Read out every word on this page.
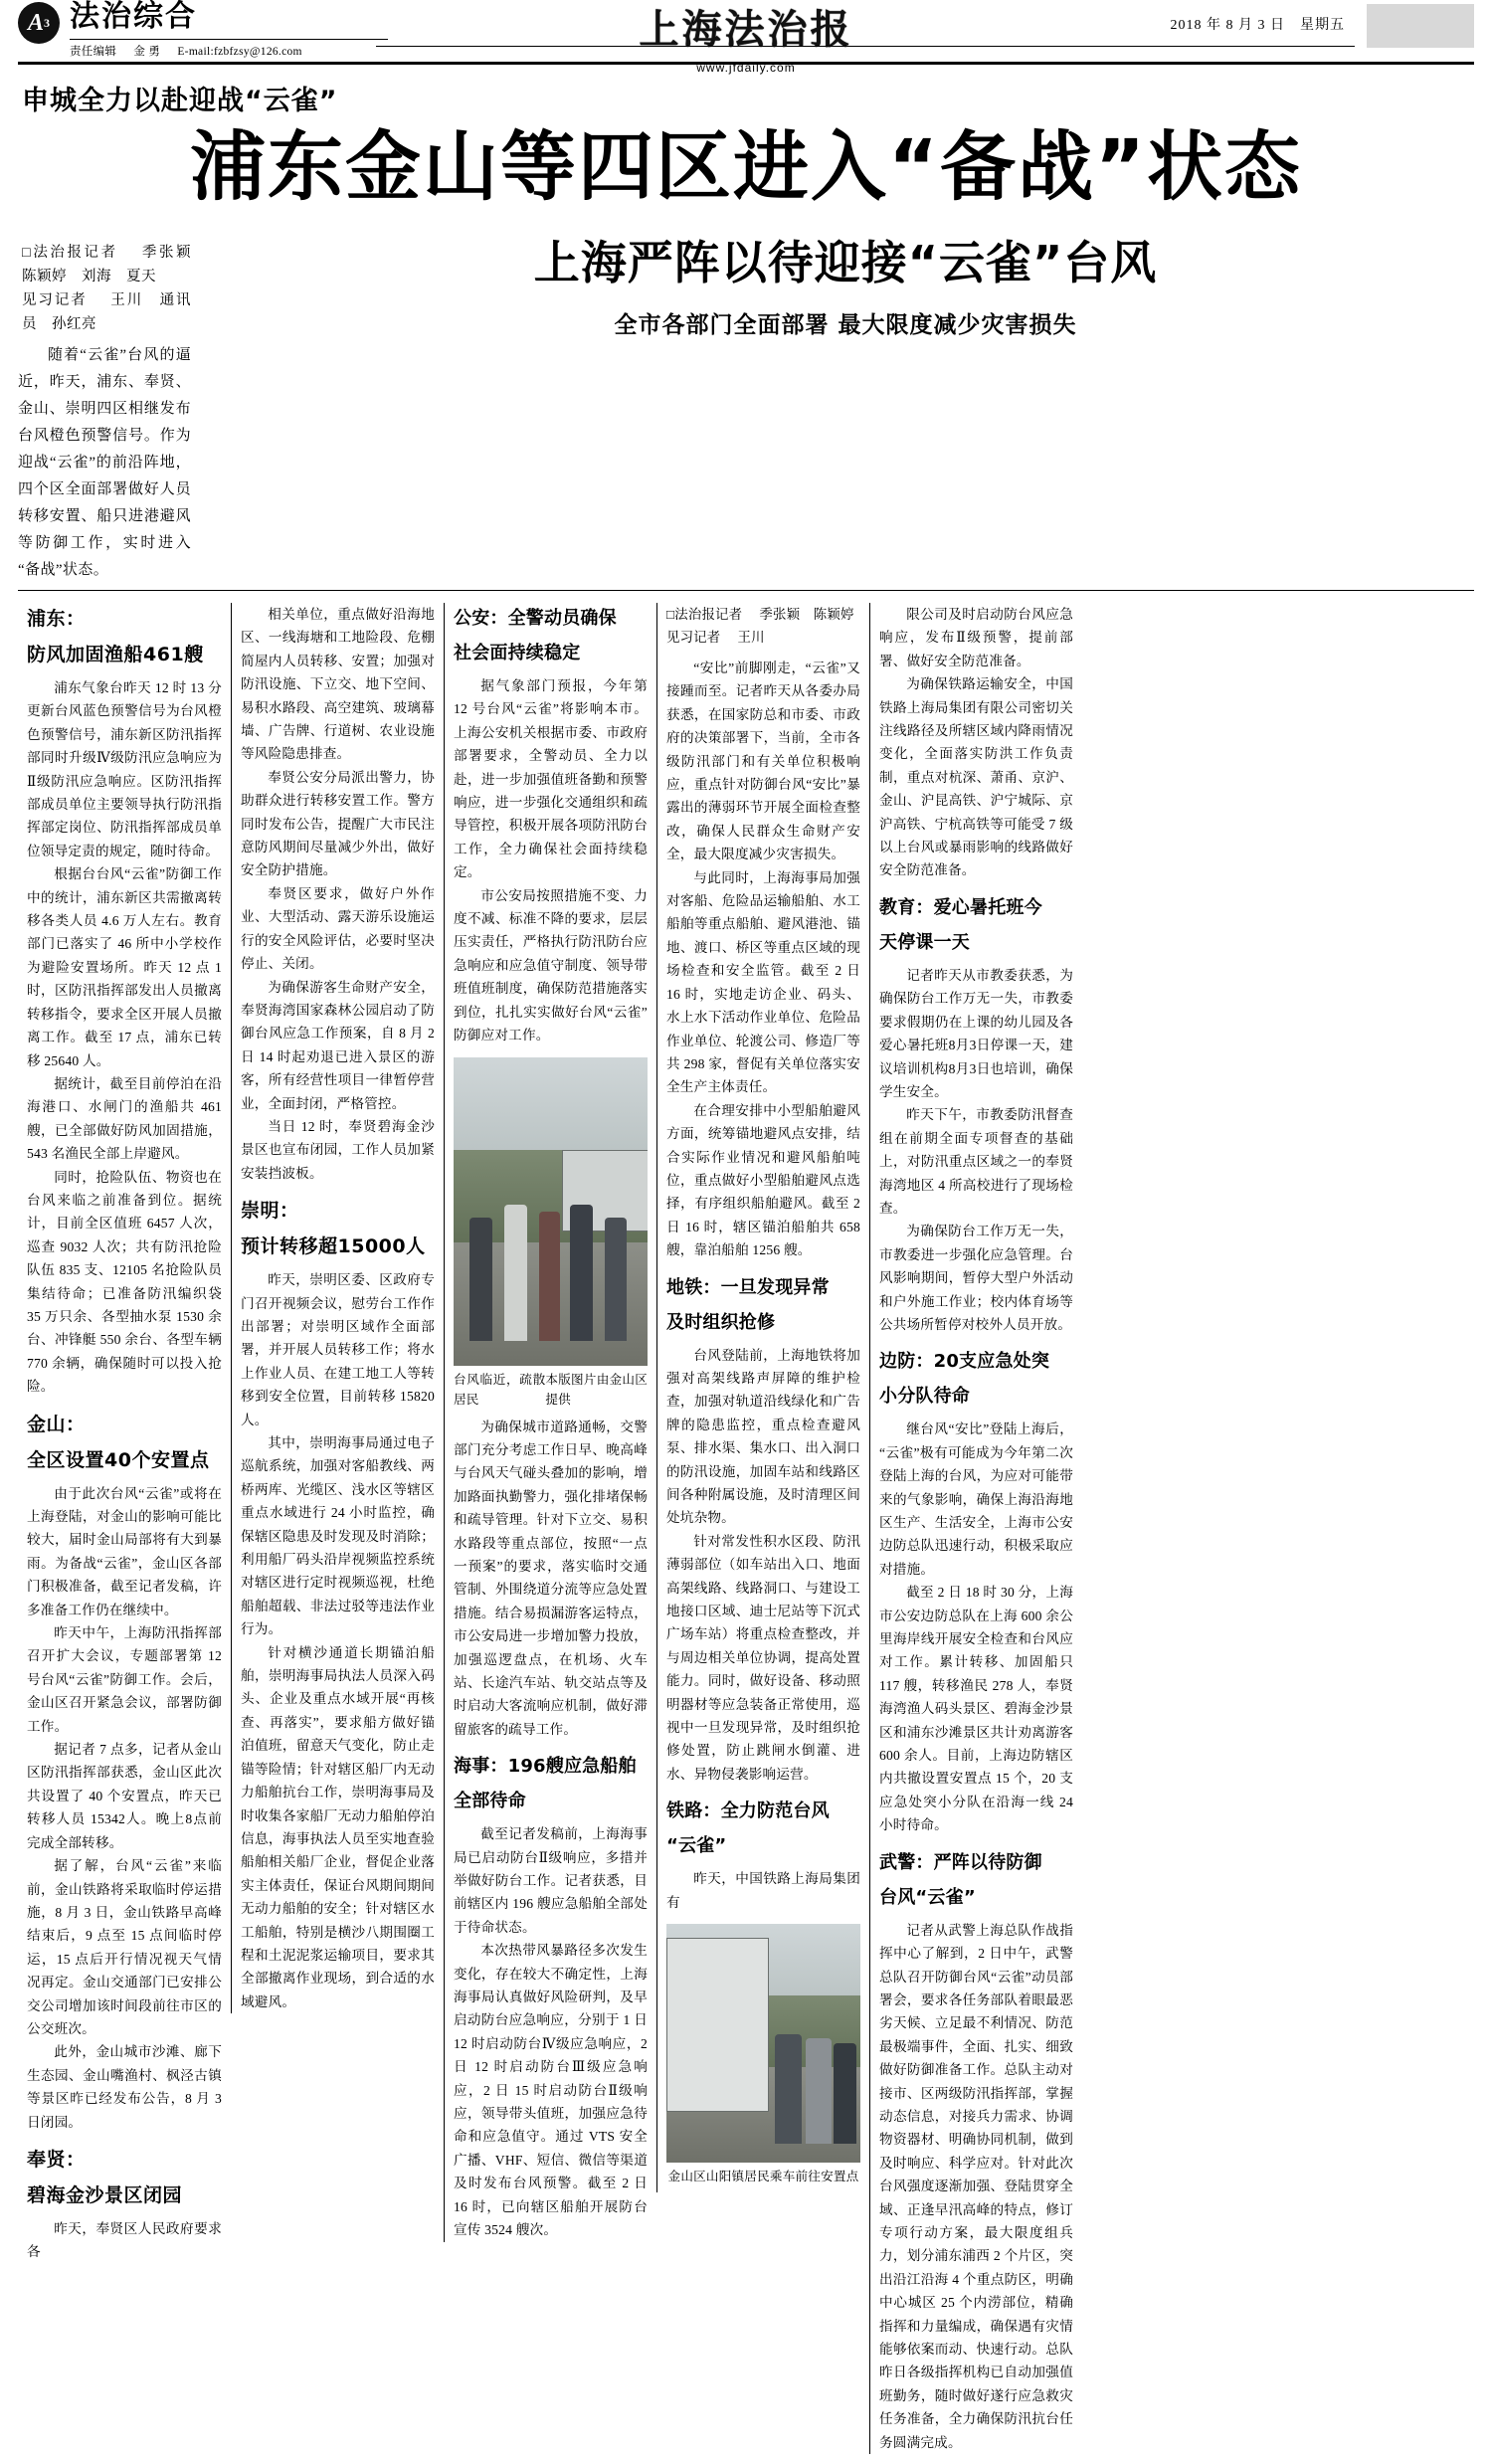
A 3 法治综合
责任编辑 金 勇 E-mail:fzbfzsy@126.com	上海法治报
www.jfdaily.com
2018 年 8 月 3 日　星期五
申城全力以赴迎战“云雀”
浦东金山等四区进入“备战”状态
□法治报记者 季张颖　陈颖婷　刘海　夏天
见习记者 王川　通讯员　孙红亮

随着“云雀”台风的逼近，昨天，浦东、奉贤、金山、崇明四区相继发布台风橙色预警信号。作为迎战“云雀”的前沿阵地，四个区全面部署做好人员转移安置、船只进港避风等防御工作，实时进入“备战”状态。

上海严阵以待迎接“云雀”台风
全市各部门全面部署 最大限度减少灾害损失
浦东：
防风加固渔船461艘

浦东气象台昨天 12 时 13 分更新台风蓝色预警信号为台风橙色预警信号，浦东新区防汛指挥部同时升级Ⅳ级防汛应急响应为Ⅱ级防汛应急响应。区防汛指挥部成员单位主要领导执行防汛指挥部定岗位、防汛指挥部成员单位领导定责的规定，随时待命。

根据台台风“云雀”防御工作中的统计，浦东新区共需撤离转移各类人员 4.6 万人左右。教育部门已落实了 46 所中小学校作为避险安置场所。昨天 12 点 1 时，区防汛指挥部发出人员撤离转移指令，要求全区开展人员撤离工作。截至 17 点，浦东已转移 25640 人。

据统计，截至目前停泊在沿海港口、水闸门的渔船共 461 艘，已全部做好防风加固措施，543 名渔民全部上岸避风。

同时，抢险队伍、物资也在台风来临之前准备到位。据统计，目前全区值班 6457 人次，巡查 9032 人次；共有防汛抢险队伍 835 支、12105 名抢险队员集结待命；已准备防汛编织袋 35 万只余、各型抽水泵 1530 余台、冲锋艇 550 余台、各型车辆 770 余辆，确保随时可以投入抢险。

金山：
全区设置40个安置点

由于此次台风“云雀”或将在上海登陆，对金山的影响可能比较大，届时金山局部将有大到暴雨。为备战“云雀”，金山区各部门积极准备，截至记者发稿，许多准备工作仍在继续中。

昨天中午，上海防汛指挥部召开扩大会议，专题部署第 12 号台风“云雀”防御工作。会后，金山区召开紧急会议，部署防御工作。

据记者 7 点多，记者从金山区防汛指挥部获悉，金山区此次共设置了 40 个安置点，昨天已转移人员 15342人。晚上8点前完成全部转移。

据了解，台风“云雀”来临前，金山铁路将采取临时停运措施，8 月 3 日，金山铁路早高峰结束后，9 点至 15 点间临时停运，15 点后开行情况视天气情况再定。金山交通部门已安排公交公司增加该时间段前往市区的公交班次。

此外，金山城市沙滩、廊下生态园、金山嘴渔村、枫泾古镇等景区昨已经发布公告，8 月 3 日闭园。

奉贤：
碧海金沙景区闭园

昨天，奉贤区人民政府要求各

相关单位，重点做好沿海地区、一线海塘和工地险段、危棚简屋内人员转移、安置；加强对防汛设施、下立交、地下空间、易积水路段、高空建筑、玻璃幕墙、广告牌、行道树、农业设施等风险隐患排查。

奉贤公安分局派出警力，协助群众进行转移安置工作。警方同时发布公告，提醒广大市民注意防风期间尽量减少外出，做好安全防护措施。

奉贤区要求，做好户外作业、大型活动、露天游乐设施运行的安全风险评估，必要时坚决停止、关闭。

为确保游客生命财产安全，奉贤海湾国家森林公园启动了防御台风应急工作预案，自 8 月 2 日 14 时起劝退已进入景区的游客，所有经营性项目一律暂停营业，全面封闭，严格管控。

当日 12 时，奉贤碧海金沙景区也宣布闭园，工作人员加紧安装挡波板。

崇明：
预计转移超15000人

昨天，崇明区委、区政府专门召开视频会议，慰劳台工作作出部署；对崇明区域作全面部署，并开展人员转移工作；将水上作业人员、在建工地工人等转移到安全位置，目前转移 15820 人。

其中，崇明海事局通过电子巡航系统，加强对客船教线、两桥两库、光缆区、浅水区等辖区重点水域进行 24 小时监控，确保辖区隐患及时发现及时消除；利用船厂码头沿岸视频监控系统对辖区进行定时视频巡视，杜绝船舶超载、非法过驳等违法作业行为。

针对横沙通道长期锚泊船舶，崇明海事局执法人员深入码头、企业及重点水域开展“再核查、再落实”，要求船方做好锚泊值班，留意天气变化，防止走锚等险情；针对辖区船厂内无动力船舶抗台工作，崇明海事局及时收集各家船厂无动力船舶停泊信息，海事执法人员至实地查验船舶相关船厂企业，督促企业落实主体责任，保证台风期间期间无动力船舶的安全；针对辖区水工船舶，特别是横沙八期围圈工程和土泥泥浆运输项目，要求其全部撤离作业现场，到合适的水域避风。

公安：全警动员确保
社会面持续稳定

据气象部门预报，今年第 12 号台风“云雀”将影响本市。上海公安机关根据市委、市政府部署要求，全警动员、全力以赴，进一步加强值班备勤和预警响应，进一步强化交通组织和疏导管控，积极开展各项防汛防台工作，全力确保社会面持续稳定。

市公安局按照措施不变、力度不减、标准不降的要求，层层压实责任，严格执行防汛防台应急响应和应急值守制度、领导带班值班制度，确保防范措施落实到位，扎扎实实做好台风“云雀”防御应对工作。

台风临近，疏散居民
本版图片由金山区提供

为确保城市道路通畅，交警部门充分考虑工作日早、晚高峰与台风天气碰头叠加的影响，增加路面执勤警力，强化排堵保畅和疏导管理。针对下立交、易积水路段等重点部位，按照“一点一预案”的要求，落实临时交通管制、外围绕道分流等应急处置措施。结合易损漏游客运特点，市公安局进一步增加警力投放，加强巡逻盘点，在机场、火车站、长途汽车站、轨交站点等及时启动大客流响应机制，做好滞留旅客的疏导工作。

海事：196艘应急船舶
全部待命

截至记者发稿前，上海海事局已启动防台Ⅱ级响应，多措并举做好防台工作。记者获悉，目前辖区内 196 艘应急船舶全部处于待命状态。

本次热带风暴路径多次发生变化，存在较大不确定性，上海海事局认真做好风险研判，及早启动防台应急响应，分别于 1 日 12 时启动防台Ⅳ级应急响应，2 日 12 时启动防台Ⅲ级应急响应，2 日 15 时启动防台Ⅱ级响应，领导带头值班，加强应急待命和应急值守。通过 VTS 安全广播、VHF、短信、微信等渠道及时发布台风预警。截至 2 日 16 时，已向辖区船舶开展防台宣传 3524 艘次。

□法治报记者 　季张颖　陈颖婷
见习记者 　王川

“安比”前脚刚走，“云雀”又接踵而至。记者昨天从各委办局获悉，在国家防总和市委、市政府的决策部署下，当前，全市各级防汛部门和有关单位积极响应，重点针对防御台风“安比”暴露出的薄弱环节开展全面检查整改，确保人民群众生命财产安全，最大限度减少灾害损失。

与此同时，上海海事局加强对客船、危险品运输船舶、水工船舶等重点船舶、避风港池、锚地、渡口、桥区等重点区域的现场检查和安全监管。截至 2 日 16 时，实地走访企业、码头、水上水下活动作业单位、危险品作业单位、轮渡公司、修造厂等共 298 家，督促有关单位落实安全生产主体责任。

在合理安排中小型船舶避风方面，统筹锚地避风点安排，结合实际作业情况和避风船舶吨位，重点做好小型船舶避风点选择，有序组织船舶避风。截至 2 日 16 时，辖区锚泊船舶共 658 艘，靠泊船舶 1256 艘。

地铁：一旦发现异常
及时组织抢修

台风登陆前，上海地铁将加强对高架线路声屏障的维护检查，加强对轨道沿线绿化和广告牌的隐患监控，重点检查避风泵、排水渠、集水口、出入洞口的防汛设施，加固车站和线路区间各种附属设施，及时清理区间处坑杂物。

针对常发性积水区段、防汛薄弱部位（如车站出入口、地面高架线路、线路洞口、与建设工地接口区域、迪士尼站等下沉式广场车站）将重点检查整改，并与周边相关单位协调，提高处置能力。同时，做好设备、移动照明器材等应急装备正常使用，巡视中一旦发现异常，及时组织抢修处置，防止跳闸水倒灌、进水、异物侵袭影响运营。

铁路：全力防范台风
“云雀”

昨天，中国铁路上海局集团有

金山区山阳镇居民乘车前往安置点

限公司及时启动防台风应急响应，发布Ⅱ级预警，提前部署、做好安全防范准备。

为确保铁路运输安全，中国铁路上海局集团有限公司密切关注线路径及所辖区域内降雨情况变化，全面落实防洪工作负责制，重点对杭深、萧甬、京沪、金山、沪昆高铁、沪宁城际、京沪高铁、宁杭高铁等可能受 7 级以上台风或暴雨影响的线路做好安全防范准备。

教育：爱心暑托班今
天停课一天

记者昨天从市教委获悉，为确保防台工作万无一失，市教委要求假期仍在上课的幼儿园及各爱心暑托班8月3日停课一天，建议培训机构8月3日也培训，确保学生安全。

昨天下午，市教委防汛督查组在前期全面专项督查的基础上，对防汛重点区域之一的奉贤海湾地区 4 所高校进行了现场检查。

为确保防台工作万无一失，市教委进一步强化应急管理。台风影响期间，暂停大型户外活动和户外施工作业；校内体育场等公共场所暂停对校外人员开放。

边防：20支应急处突
小分队待命

继台风“安比”登陆上海后，“云雀”极有可能成为今年第二次登陆上海的台风，为应对可能带来的气象影响，确保上海沿海地区生产、生活安全，上海市公安边防总队迅速行动，积极采取应对措施。

截至 2 日 18 时 30 分，上海市公安边防总队在上海 600 余公里海岸线开展安全检查和台风应对工作。累计转移、加固船只 117 艘，转移渔民 278 人，奉贤海湾渔人码头景区、碧海金沙景区和浦东沙滩景区共计劝离游客 600 余人。目前，上海边防辖区内共撤设置安置点 15 个，20 支应急处突小分队在沿海一线 24 小时待命。

武警：严阵以待防御
台风“云雀”

记者从武警上海总队作战指挥中心了解到，2 日中午，武警总队召开防御台风“云雀”动员部署会，要求各任务部队着眼最恶劣天候、立足最不利情况、防范最极端事件，全面、扎实、细致做好防御准备工作。总队主动对接市、区两级防汛指挥部，掌握动态信息，对接兵力需求、协调物资器材、明确协同机制，做到及时响应、科学应对。针对此次台风强度逐渐加强、登陆贯穿全域、正逢早汛高峰的特点，修订专项行动方案，最大限度组兵力，划分浦东浦西 2 个片区，突出沿江沿海 4 个重点防区，明确中心城区 25 个内涝部位，精确指挥和力量编成，确保遇有灾情能够依案而动、快速行动。总队昨日各级指挥机构已自动加强值班勤务，随时做好遂行应急救灾任务准备，全力确保防汛抗台任务圆满完成。
